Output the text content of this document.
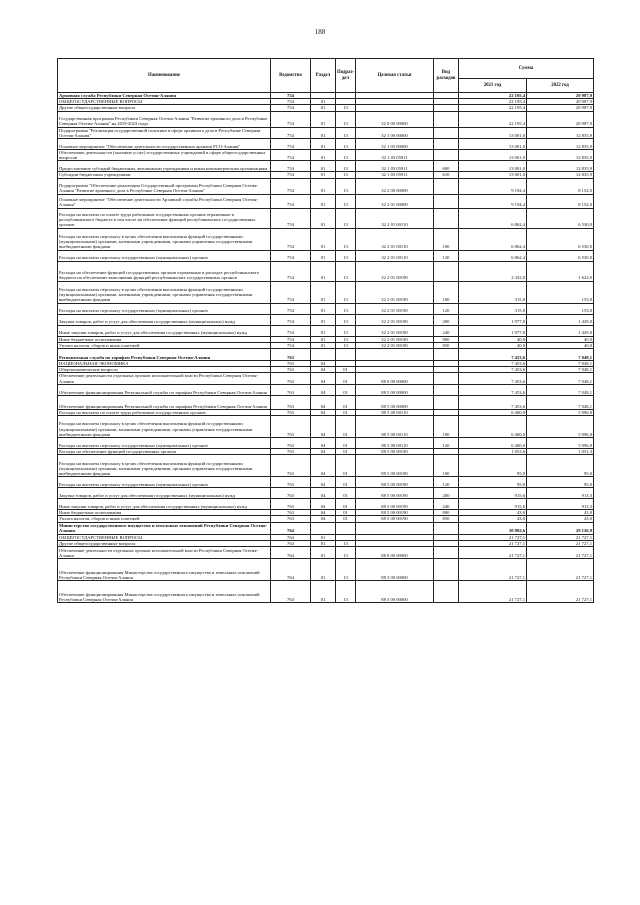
188
Наименование	Ведомство	Раздел	Подраз-дел	Целевая статья	Вид расходов	Сумма	
						2021 год	2022 год
Архивная служба Республики Северная Осетия-Алания	754					22 195,4	20 987,9
ОБЩЕГОСУДАРСТВЕННЫЕ ВОПРОСЫ	754	01				22 195,4	20 987,9
Другие общегосударственные вопросы	754	01	13			22 195,4	20 987,9
Государственная программа Республики Северная Осетия-Алания "Развитие архивного дела в Республике Северная Осетия-Алания" на 2019-2023 годы	754	01	13	32 0 00 00000		22 195,4	20 987,9
Подпрограмма "Реализация государственной политики в сфере архивного дела в Республике Северная Осетия-Алания"	754	01	13	32 1 00 00000		13 001,0	12 835,9
Основное мероприятие "Обеспечение деятельности государственных архивов РСО-Алания"	754	01	13	32 1 03 00000		13 001,0	12 835,9
Обеспечение деятельности (оказание услуг) государственных учреждений в сфере общегосударственных вопросов	754	01	13	32 1 03 05911		13 001,0	12 835,9
Предоставление субсидий бюджетным, автономным учреждениям и иным некоммерческим организациям	754	01	13	32 1 03 05911	600	13 001,0	12 835,9
Субсидии бюджетным учреждениям	754	01	13	32 1 03 05911	610	13 001,0	12 835,9
Подпрограмма "Обеспечение реализации Государственной программы Республики Северная Осетия-Алания "Развитие архивного дела в Республике Северная Осетия-Алания"	754	01	13	32 2 00 00000		9 194,4	8 152,0
Основное мероприятие "Обеспечение деятельности Архивной службы Республики Северная Осетия-Алания"	754	01	13	32 2 01 00000		9 194,4	8 152,0
Расходы на выплаты по оплате труда работников государственных органов отраженные в республиканского бюджета в том числе на обеспечение функций республиканских государственных органов	754	01	13	32 2 01 00110		6 862,4	6 530,0
Расходы на выплаты персоналу в целях обеспечения выполнения функций государственными (муниципальными) органами, казенными учреждениями, органами управления государственными внебюджетными фондами	754	01	13	32 2 01 00110	100	6 862,4	6 530,0
Расходы на выплаты персоналу государственных (муниципальных) органов	754	01	13	32 2 01 00110	120	6 862,4	6 530,0
Расходы на обеспечение функций государственных органов отраженные в расходах республиканского бюджета на обеспечение выполнения функций республиканских государственных органов	754	01	13	32 2 01 00190		2 332,0	1 622,0
Расходы на выплаты персоналу в целях обеспечения выполнения функций государственными (муниципальными) органами, казенными учреждениями, органами управления государственными внебюджетными фондами	754	01	13	32 2 01 00190	100	315,0	153,0
Расходы на выплаты персоналу государственных (муниципальных) органов	754	01	13	32 2 01 00190	120	315,0	153,0
Закупка товаров, работ и услуг для обеспечения государственных (муниципальных) нужд	754	01	13	32 2 01 00190	200	1 977,0	1 429,0
Иные закупки товаров, работ и услуг для обеспечения государственных (муниципальных) нужд	754	01	13	32 2 01 00190	240	1 977,0	1 429,0
Иные бюджетные ассигнования	754	01	13	32 2 01 00190	800	40,0	40,0
Уплата налогов, сборов и иных платежей	754	01	13	32 2 01 00190	850	40,0	40,0
Региональная служба по тарифам Республики Северная Осетия-Алания	763					7 453,6	7 048,1
НАЦИОНАЛЬНАЯ ЭКОНОМИКА	763	04				7 453,6	7 048,1
Общеэкономические вопросы	763	04	01			7 453,6	7 048,1
Обеспечение деятельности отдельных органов исполнительной власти Республики Северная Осетия-Алания	763	04	01	88 0 00 00000		7 453,6	7 048,1
Обеспечение функционирования Региональной службы по тарифам Республики Северная Осетия-Алания	763	04	01	88 5 00 00000		7 453,6	7 048,1
Обеспечение функционирования Региональной службы по тарифам Республики Северная Осетия-Алания	763	04	01	88 5 00 00000		7 453,6	7 048,1
Расходы на выплаты по оплате труда работников государственных органов	763	04	01	88 5 00 00110		6 400,0	5 996,8
Расходы на выплаты персоналу в целях обеспечения выполнения функций государственными (муниципальными) органами, казенными учреждениями, органами управления государственными внебюджетными фондами	763	04	01	88 5 00 00110	100	6 400,0	5 996,8
Расходы на выплаты персоналу государственных (муниципальных) органов	763	04	01	88 5 00 00110	120	6 400,0	5 996,8
Расходы на обеспечение функций государственных органов	763	04	01	88 5 00 00190		1 053,6	1 051,3
Расходы на выплаты персоналу в целях обеспечения выполнения функций государственными (муниципальными) органами, казенными учреждениями, органами управления государственными внебюджетными фондами	763	04	01	88 5 00 00190	100	95,0	95,0
Расходы на выплаты персоналу государственных (муниципальных) органов	763	04	01	88 5 00 00190	120	95,0	95,0
Закупка товаров, работ и услуг для обеспечения государственных (муниципальных) нужд	763	04	01	88 5 00 00190	200	915,6	913,3
Иные закупки товаров, работ и услуг для обеспечения государственных (муниципальных) нужд	763	04	01	88 5 00 00190	240	915,6	913,3
Иные бюджетные ассигнования	763	04	01	88 5 00 00190	800	43,0	43,0
Уплата налогов, сборов и иных платежей	763	04	01	88 5 00 00190	850	43,0	43,0
Министерство государственного имущества и земельных отношений Республики Северная Осетия-Алания	764					30 802,6	29 126,9
ОБЩЕГОСУДАРСТВЕННЫЕ ВОПРОСЫ	764	01				21 727,1	21 727,1
Другие общегосударственные вопросы	764	01	13			21 727,1	21 727,1
Обеспечение деятельности отдельных органов исполнительной власти Республики Северная Осетия-Алания	764	01	13	88 0 00 00000		21 727,1	21 727,1
Обеспечение функционирования Министерства государственного имущества и земельных отношений Республики Северная Осетия-Алания	764	01	13	88 3 00 00000		21 727,1	21 727,1
Обеспечение функционирования Министерства государственного имущества и земельных отношений Республики Северная Осетия-Алания	764	01	13	88 3 00 00000		21 727,1	21 727,1
